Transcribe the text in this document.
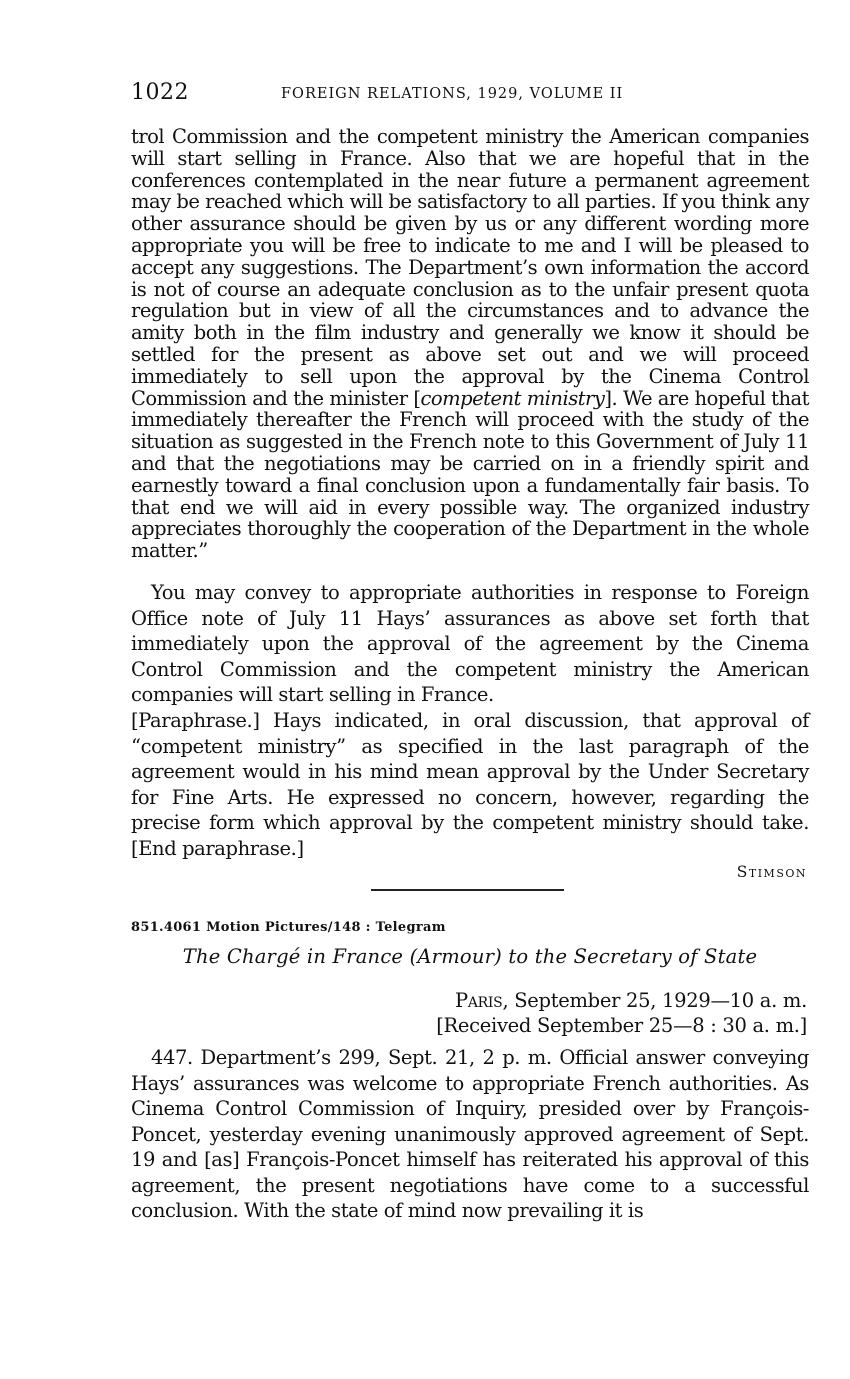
1022	FOREIGN RELATIONS, 1929, VOLUME II
trol Commission and the competent ministry the American companies will start selling in France. Also that we are hopeful that in the conferences contemplated in the near future a permanent agreement may be reached which will be satisfactory to all parties. If you think any other assurance should be given by us or any different wording more appropriate you will be free to indicate to me and I will be pleased to accept any suggestions. The Department’s own information the accord is not of course an adequate conclusion as to the unfair present quota regulation but in view of all the circumstances and to advance the amity both in the film industry and generally we know it should be settled for the present as above set out and we will proceed immediately to sell upon the approval by the Cinema Control Commission and the minister [competent ministry]. We are hopeful that immediately thereafter the French will proceed with the study of the situation as suggested in the French note to this Government of July 11 and that the negotiations may be carried on in a friendly spirit and earnestly toward a final conclusion upon a fundamentally fair basis. To that end we will aid in every possible way. The organized industry appreciates thoroughly the cooperation of the Department in the whole matter.”

You may convey to appropriate authorities in response to Foreign Office note of July 11 Hays’ assurances as above set forth that immediately upon the approval of the agreement by the Cinema Control Commission and the competent ministry the American companies will start selling in France.

[Paraphrase.] Hays indicated, in oral discussion, that approval of “competent ministry” as specified in the last paragraph of the agreement would in his mind mean approval by the Under Secretary for Fine Arts. He expressed no concern, however, regarding the precise form which approval by the competent ministry should take. [End paraphrase.]

Stimson
851.4061 Motion Pictures/148 : Telegram
The Chargé in France (Armour) to the Secretary of State
Paris, September 25, 1929—10 a. m.
[Received September 25—8 : 30 a. m.]

447. Department’s 299, Sept. 21, 2 p. m. Official answer conveying Hays’ assurances was welcome to appropriate French authorities. As Cinema Control Commission of Inquiry, presided over by François-Poncet, yesterday evening unanimously approved agreement of Sept. 19 and [as] François-Poncet himself has reiterated his approval of this agreement, the present negotiations have come to a successful conclusion. With the state of mind now prevailing it is
